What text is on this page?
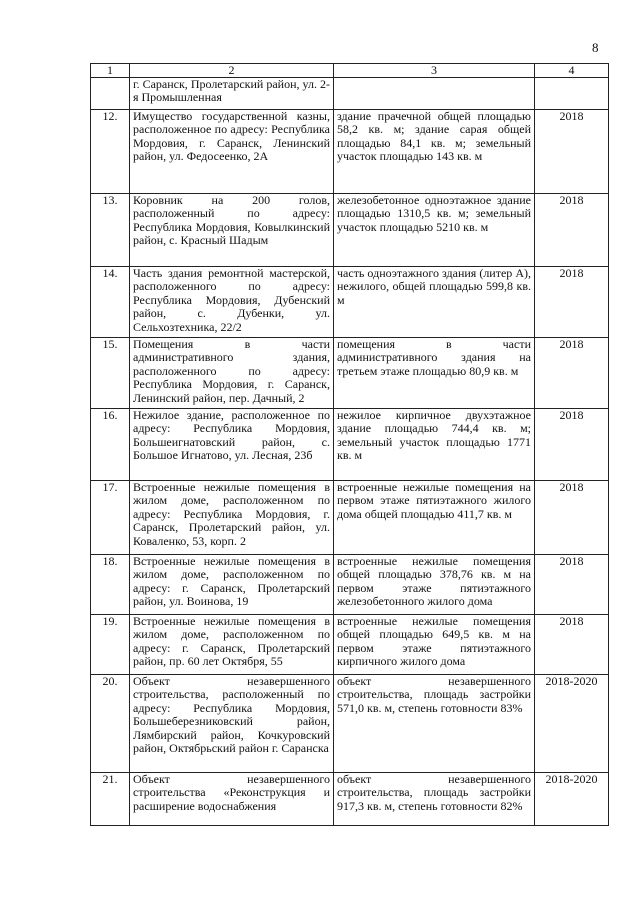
8
1	2	3	4
	г. Саранск, Пролетарский район, ул. 2-я Промышленная		
12.	Имущество государственной казны, расположенное по адресу: Республика Мордовия, г. Саранск, Ленинский район, ул. Федосеенко, 2А	здание прачечной общей площадью 58,2 кв. м; здание сарая общей площадью 84,1 кв. м; земельный участок площадью 143 кв. м	2018
13.	Коровник на 200 голов, расположенный по адресу: Республика Мордовия, Ковылкинский район, с. Красный Шадым	железобетонное одноэтажное здание площадью 1310,5 кв. м; земельный участок площадью 5210 кв. м	2018
14.	Часть здания ремонтной мастерской, расположенного по адресу: Республика Мордовия, Дубенский район, с. Дубенки, ул. Сельхозтехника, 22/2	часть одноэтажного здания (литер А), нежилого, общей площадью 599,8 кв. м	2018
15.	Помещения в части административного здания, расположенного по адресу: Республика Мордовия, г. Саранск, Ленинский район, пер. Дачный, 2	помещения в части административного здания на третьем этаже площадью 80,9 кв. м	2018
16.	Нежилое здание, расположенное по адресу: Республика Мордовия, Большеигнатовский район, с. Большое Игнатово, ул. Лесная, 23б	нежилое кирпичное двухэтажное здание площадью 744,4 кв. м; земельный участок площадью 1771 кв. м	2018
17.	Встроенные нежилые помещения в жилом доме, расположенном по адресу: Республика Мордовия, г. Саранск, Пролетарский район, ул. Коваленко, 53, корп. 2	встроенные нежилые помещения на первом этаже пятиэтажного жилого дома общей площадью 411,7 кв. м	2018
18.	Встроенные нежилые помещения в жилом доме, расположенном по адресу: г. Саранск, Пролетарский район, ул. Воинова, 19	встроенные нежилые помещения общей площадью 378,76 кв. м на первом этаже пятиэтажного железобетонного жилого дома	2018
19.	Встроенные нежилые помещения в жилом доме, расположенном по адресу: г. Саранск, Пролетарский район, пр. 60 лет Октября, 55	встроенные нежилые помещения общей площадью 649,5 кв. м на первом этаже пятиэтажного кирпичного жилого дома	2018
20.	Объект незавершенного строительства, расположенный по адресу: Республика Мордовия, Большеберезниковский район, Лямбирский район, Кочкуровский район, Октябрьский район г. Саранска	объект незавершенного строительства, площадь застройки 571,0 кв. м, степень готовности 83%	2018-2020
21.	Объект незавершенного строительства «Реконструкция и расширение водоснабжения	объект незавершенного строительства, площадь застройки 917,3 кв. м, степень готовности 82%	2018-2020
